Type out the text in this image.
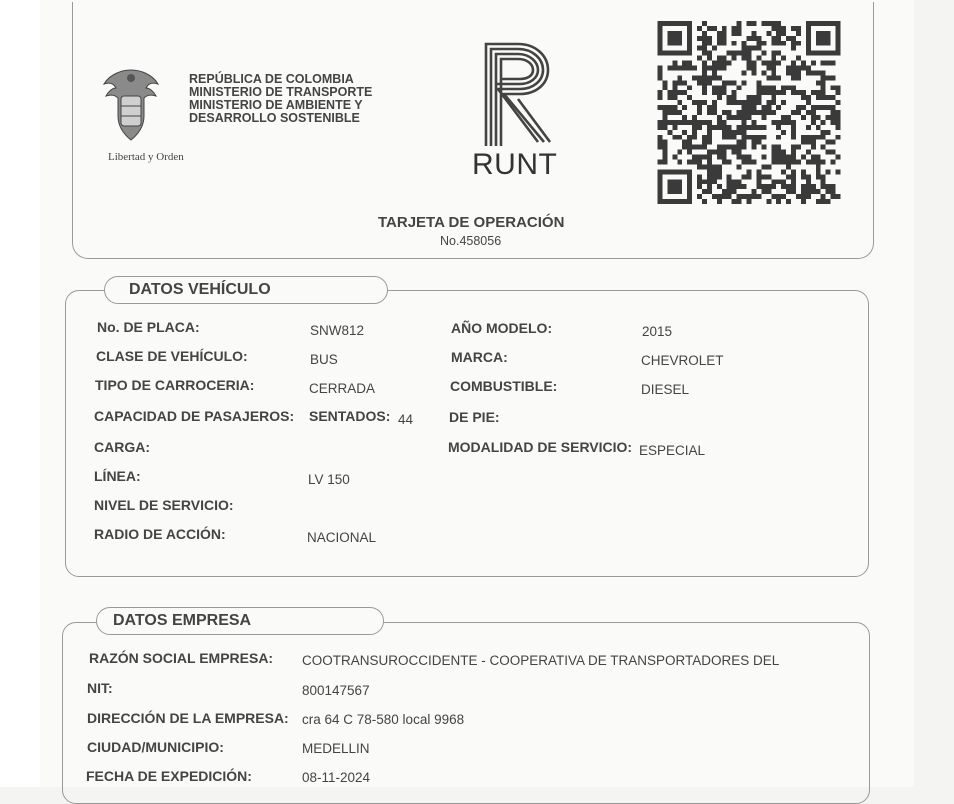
Libertad y Orden
REPÚBLICA DE COLOMBIA
MINISTERIO DE TRANSPORTE
MINISTERIO DE AMBIENTE Y
DESARROLLO SOSTENIBLE
RUNT
TARJETA DE OPERACIÓN
No.458056
DATOS VEHÍCULO
No. DE PLACA:	SNW812
CLASE DE VEHÍCULO:	BUS
TIPO DE CARROCERIA:	CERRADA
CAPACIDAD DE PASAJEROS: SENTADOS: 44
CARGA:
LÍNEA:	LV 150
NIVEL DE SERVICIO:
RADIO DE ACCIÓN:	NACIONAL
AÑO MODELO:	2015
MARCA:	CHEVROLET
COMBUSTIBLE:	DIESEL
DE PIE:
MODALIDAD DE SERVICIO: ESPECIAL
DATOS EMPRESA
RAZÓN SOCIAL EMPRESA: COOTRANSUROCCIDENTE - COOPERATIVA DE TRANSPORTADORES DEL
NIT:	800147567
DIRECCIÓN DE LA EMPRESA: cra 64 C 78-580 local 9968
CIUDAD/MUNICIPIO:	MEDELLIN
FECHA DE EXPEDICIÓN:	08-11-2024
